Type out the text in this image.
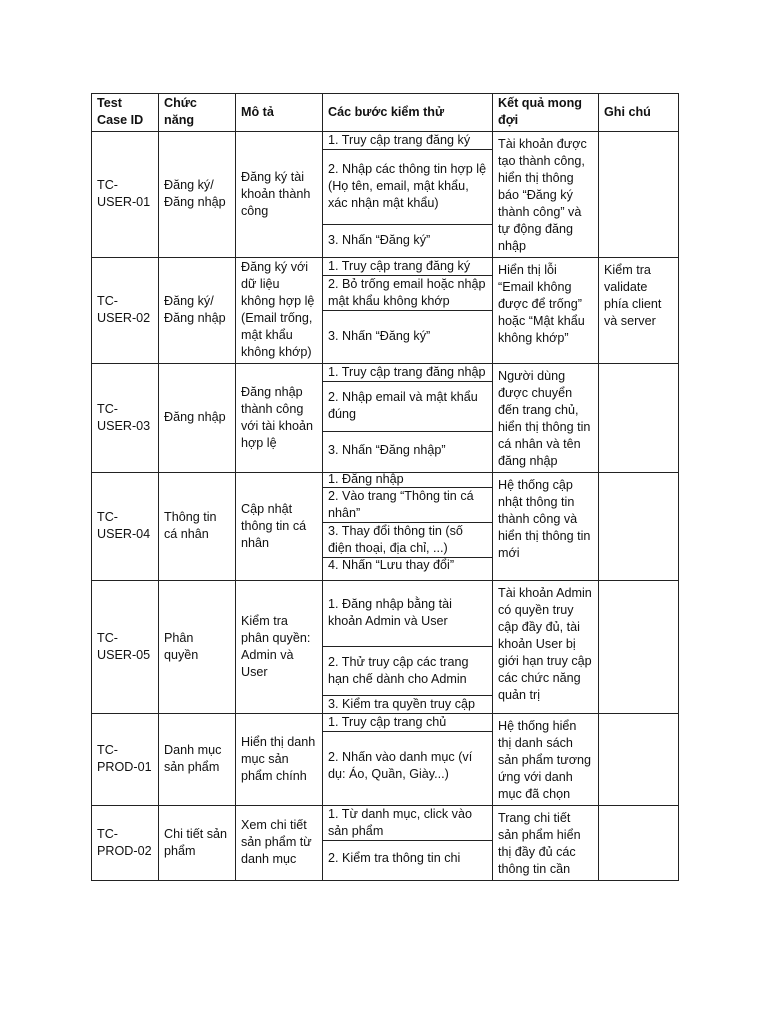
Test Case ID	Chức năng	Mô tả	Các bước kiểm thử	Kết quả mong đợi	Ghi chú
TC-USER-01	Đăng ký/Đăng nhập	Đăng ký tài khoản thành công	1. Truy cập trang đăng ký
2. Nhập các thông tin hợp lệ (Họ tên, email, mật khẩu, xác nhận mật khẩu)
3. Nhấn “Đăng ký”	Tài khoản được tạo thành công, hiển thị thông báo “Đăng ký thành công” và tự động đăng nhập	
TC-USER-02	Đăng ký/Đăng nhập	Đăng ký với dữ liệu không hợp lệ (Email trống, mật khẩu không khớp)	1. Truy cập trang đăng ký
2. Bỏ trống email hoặc nhập mật khẩu không khớp
3. Nhấn “Đăng ký”	Hiển thị lỗi “Email không được để trống” hoặc “Mật khẩu không khớp”	Kiểm tra validate phía client và server
TC-USER-03	Đăng nhập	Đăng nhập thành công với tài khoản hợp lệ	1. Truy cập trang đăng nhập
2. Nhập email và mật khẩu đúng
3. Nhấn “Đăng nhập”	Người dùng được chuyển đến trang chủ, hiển thị thông tin cá nhân và tên đăng nhập	
TC-USER-04	Thông tin cá nhân	Cập nhật thông tin cá nhân	1. Đăng nhập
2. Vào trang “Thông tin cá nhân”
3. Thay đổi thông tin (số điện thoại, địa chỉ, ...)
4. Nhấn “Lưu thay đổi”	Hệ thống cập nhật thông tin thành công và hiển thị thông tin mới	
TC-USER-05	Phân quyền	Kiểm tra phân quyền: Admin và User	1. Đăng nhập bằng tài khoản Admin và User
2. Thử truy cập các trang hạn chế dành cho Admin
3. Kiểm tra quyền truy cập	Tài khoản Admin có quyền truy cập đầy đủ, tài khoản User bị giới hạn truy cập các chức năng quản trị	
TC-PROD-01	Danh mục sản phẩm	Hiển thị danh mục sản phẩm chính	1. Truy cập trang chủ
2. Nhấn vào danh mục (ví dụ: Áo, Quần, Giày...)	Hệ thống hiển thị danh sách sản phẩm tương ứng với danh mục đã chọn	
TC-PROD-02	Chi tiết sản phẩm	Xem chi tiết sản phẩm từ danh mục	1. Từ danh mục, click vào sản phẩm
2. Kiểm tra thông tin chi	Trang chi tiết sản phẩm hiển thị đầy đủ các thông tin cần	
